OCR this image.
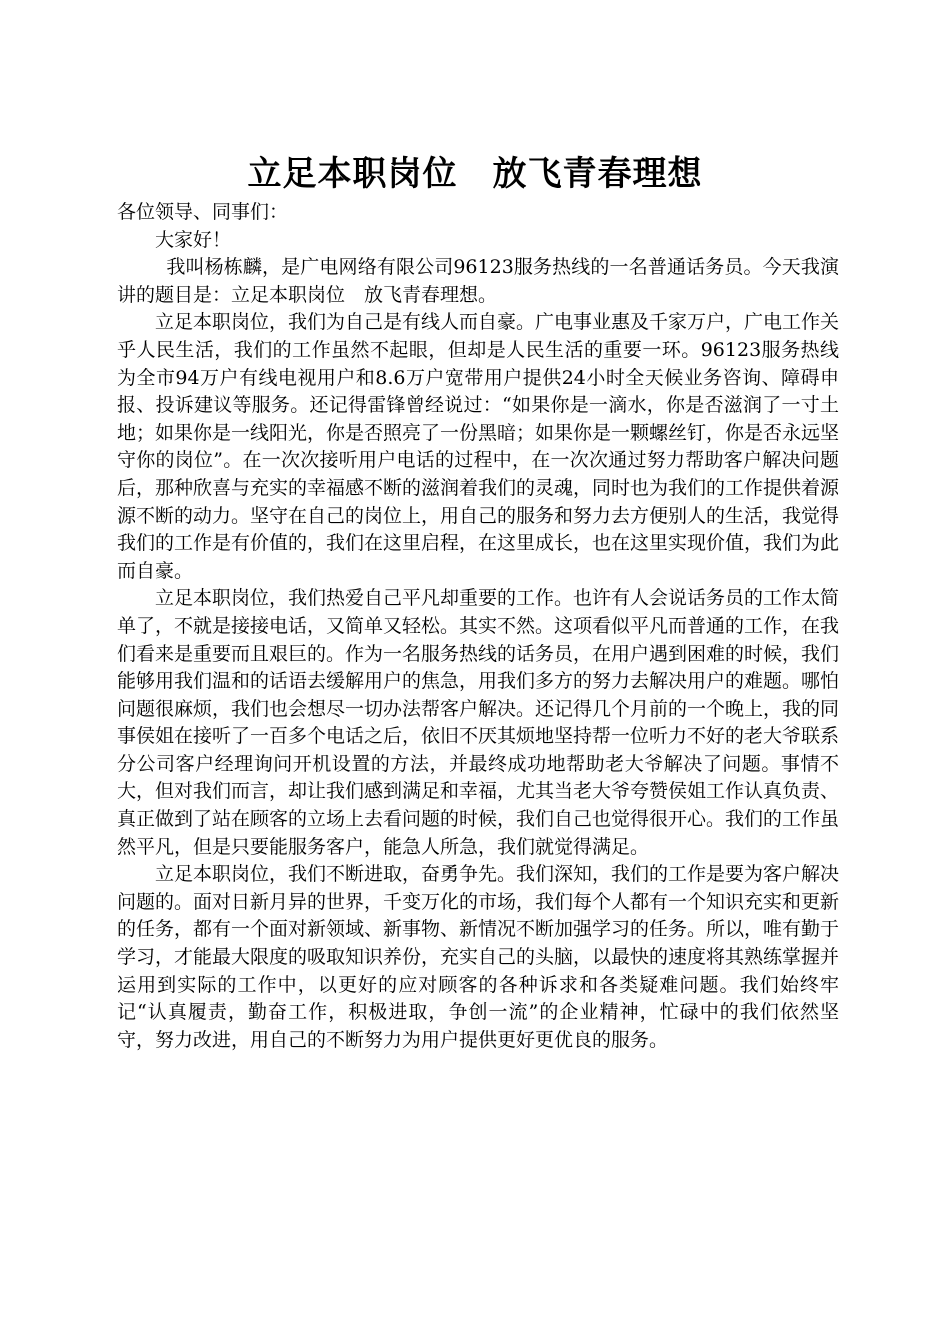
立足本职岗位　放飞青春理想

各位领导、同事们：

大家好！

我叫杨栋麟，是广电网络有限公司96123服务热线的一名普通话务员。今天我演讲的题目是：立足本职岗位　放飞青春理想。

立足本职岗位，我们为自己是有线人而自豪。广电事业惠及千家万户，广电工作关乎人民生活，我们的工作虽然不起眼，但却是人民生活的重要一环。96123服务热线为全市94万户有线电视用户和8.6万户宽带用户提供24小时全天候业务咨询、障碍申报、投诉建议等服务。还记得雷锋曾经说过：“如果你是一滴水，你是否滋润了一寸土地；如果你是一线阳光，你是否照亮了一份黑暗；如果你是一颗螺丝钉，你是否永远坚守你的岗位”。在一次次接听用户电话的过程中，在一次次通过努力帮助客户解决问题后，那种欣喜与充实的幸福感不断的滋润着我们的灵魂，同时也为我们的工作提供着源源不断的动力。坚守在自己的岗位上，用自己的服务和努力去方便别人的生活，我觉得我们的工作是有价值的，我们在这里启程，在这里成长，也在这里实现价值，我们为此而自豪。

立足本职岗位，我们热爱自己平凡却重要的工作。也许有人会说话务员的工作太简单了，不就是接接电话，又简单又轻松。其实不然。这项看似平凡而普通的工作，在我们看来是重要而且艰巨的。作为一名服务热线的话务员，在用户遇到困难的时候，我们能够用我们温和的话语去缓解用户的焦急，用我们多方的努力去解决用户的难题。哪怕问题很麻烦，我们也会想尽一切办法帮客户解决。还记得几个月前的一个晚上，我的同事侯姐在接听了一百多个电话之后，依旧不厌其烦地坚持帮一位听力不好的老大爷联系分公司客户经理询问开机设置的方法，并最终成功地帮助老大爷解决了问题。事情不大，但对我们而言，却让我们感到满足和幸福，尤其当老大爷夸赞侯姐工作认真负责、真正做到了站在顾客的立场上去看问题的时候，我们自己也觉得很开心。我们的工作虽然平凡，但是只要能服务客户，能急人所急，我们就觉得满足。

立足本职岗位，我们不断进取，奋勇争先。我们深知，我们的工作是要为客户解决问题的。面对日新月异的世界，千变万化的市场，我们每个人都有一个知识充实和更新的任务，都有一个面对新领域、新事物、新情况不断加强学习的任务。所以，唯有勤于学习，才能最大限度的吸取知识养份，充实自己的头脑，以最快的速度将其熟练掌握并运用到实际的工作中，以更好的应对顾客的各种诉求和各类疑难问题。我们始终牢记“认真履责，勤奋工作，积极进取，争创一流”的企业精神，忙碌中的我们依然坚守，努力改进，用自己的不断努力为用户提供更好更优良的服务。
